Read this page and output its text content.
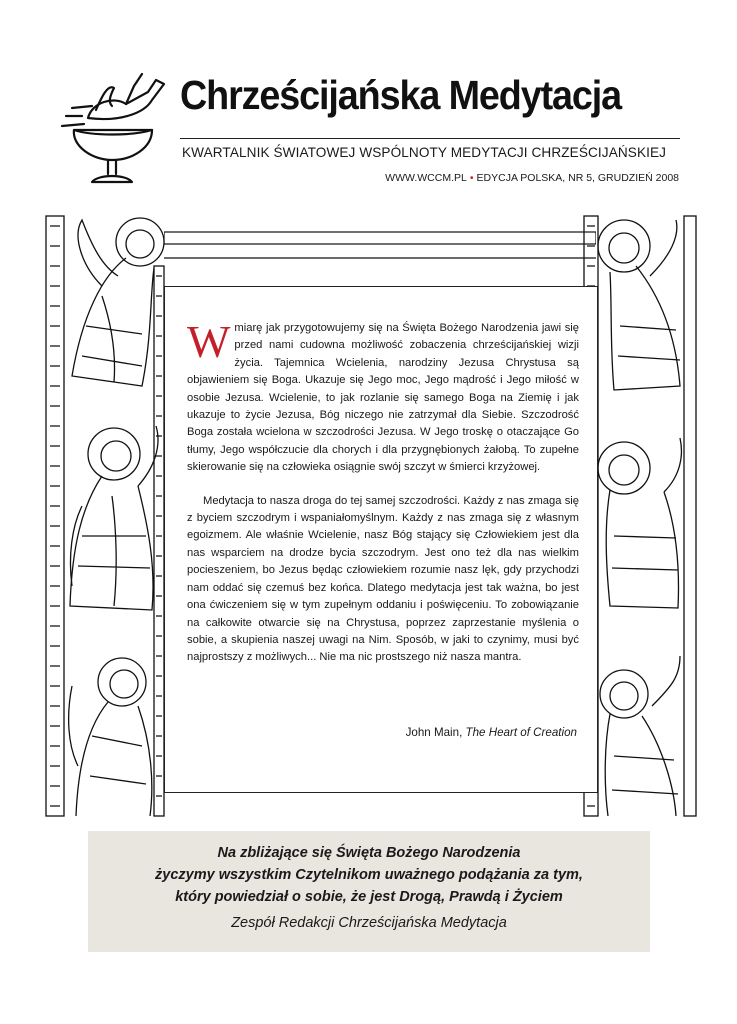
Chrześcijańska Medytacja
KWARTALNIK ŚWIATOWEJ WSPÓLNOTY MEDYTACJI CHRZEŚCIJAŃSKIEJ
WWW.WCCM.PL • EDYCJA POLSKA, NR 5, GRUDZIEŃ 2008

Wmiarę jak przygotowujemy się na Święta Bożego Narodzenia jawi się przed nami cudowna możliwość zobaczenia chrześcijańskiej wizji życia. Tajemnica Wcielenia, narodziny Jezusa Chrystusa są objawieniem się Boga. Ukazuje się Jego moc, Jego mądrość i Jego miłość w osobie Jezusa. Wcielenie, to jak rozlanie się samego Boga na Ziemię i jak ukazuje to życie Jezusa, Bóg niczego nie zatrzymał dla Siebie. Szczodrość Boga została wcielona w szczodrości Jezusa. W Jego troskę o otaczające Go tłumy, Jego współczucie dla chorych i dla przygnębionych żałobą. To zupełne skierowanie się na człowieka osiągnie swój szczyt w śmierci krzyżowej.

Medytacja to nasza droga do tej samej szczodrości. Każdy z nas zmaga się z byciem szczodrym i wspaniałomyślnym. Każdy z nas zmaga się z własnym egoizmem. Ale właśnie Wcielenie, nasz Bóg stający się Człowiekiem jest dla nas wsparciem na drodze bycia szczodrym. Jest ono też dla nas wielkim pocieszeniem, bo Jezus będąc człowiekiem rozumie nasz lęk, gdy przychodzi nam oddać się czemuś bez końca. Dlatego medytacja jest tak ważna, bo jest ona ćwiczeniem się w tym zupełnym oddaniu i poświęceniu. To zobowiązanie na całkowite otwarcie się na Chrystusa, poprzez zaprzestanie myślenia o sobie, a skupienia naszej uwagi na Nim. Sposób, w jaki to czynimy, musi być najprostszy z możliwych... Nie ma nic prostszego niż nasza mantra.

John Main, The Heart of Creation
Na zbliżające się Święta Bożego Narodzenia
życzymy wszystkim Czytelnikom uważnego podążania za tym,
który powiedział o sobie, że jest Drogą, Prawdą i Życiem
Zespół Redakcji Chrześcijańska Medytacja
